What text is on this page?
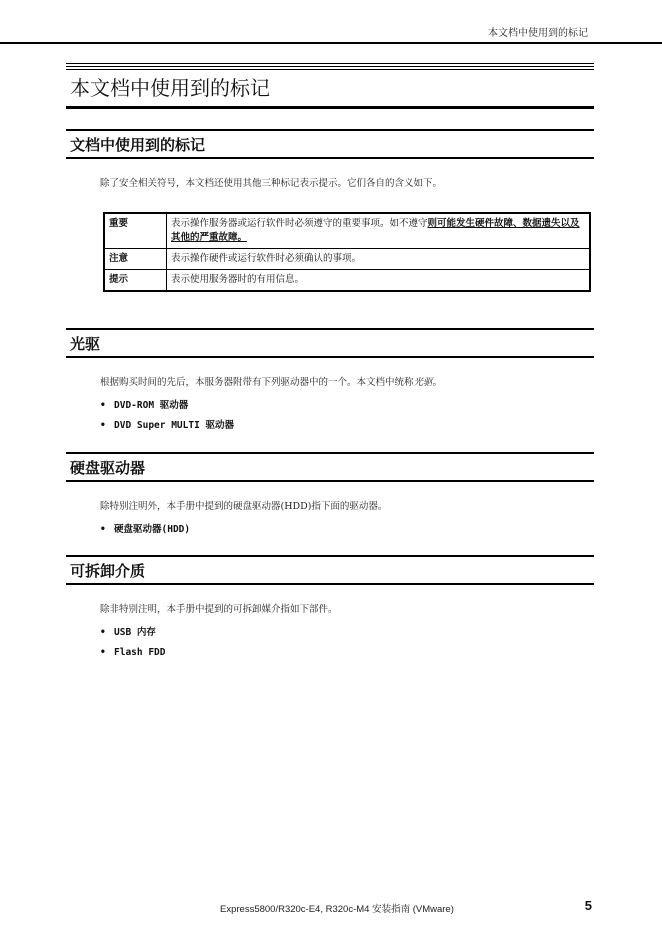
本文档中使用到的标记
本文档中使用到的标记
文档中使用到的标记

除了安全相关符号，本文档还使用其他三种标记表示提示。它们各自的含义如下。

重要	表示操作服务器或运行软件时必须遵守的重要事项。如不遵守则可能发生硬件故障、数据遗失以及其他的严重故障。
注意	表示操作硬件或运行软件时必须确认的事项。
提示	表示使用服务器时的有用信息。
光驱

根据购买时间的先后，本服务器附带有下列驱动器中的一个。本文档中统称光驱。

• DVD-ROM 驱动器
• DVD Super MULTI 驱动器
硬盘驱动器

除特别注明外，本手册中提到的硬盘驱动器(HDD)指下面的驱动器。

• 硬盘驱动器(HDD)
可拆卸介质

除非特别注明，本手册中提到的可拆卸媒介指如下部件。

• USB 内存
• Flash FDD
Express5800/R320c-E4, R320c-M4 安装指南 (VMware)	5
